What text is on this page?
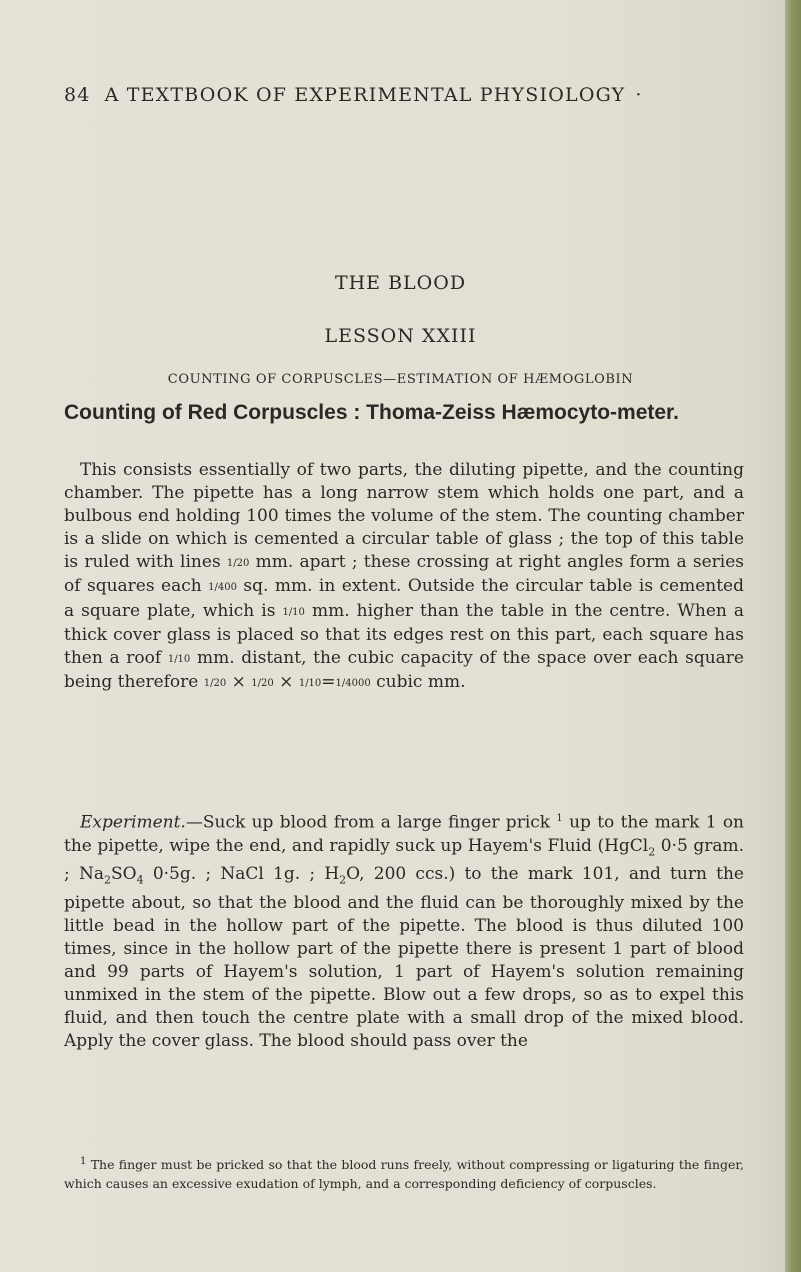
84 A TEXTBOOK OF EXPERIMENTAL PHYSIOLOGY ·
THE BLOOD
LESSON XXIII
COUNTING OF CORPUSCLES—ESTIMATION OF HÆMOGLOBIN
Counting of Red Corpuscles : Thoma-Zeiss Hæmocyto-meter.
This consists essentially of two parts, the diluting pipette, and the counting chamber. The pipette has a long narrow stem which holds one part, and a bulbous end holding 100 times the volume of the stem. The counting chamber is a slide on which is cemented a circular table of glass ; the top of this table is ruled with lines 1/20 mm. apart ; these crossing at right angles form a series of squares each 1/400 sq. mm. in extent. Outside the circular table is cemented a square plate, which is 1/10 mm. higher than the table in the centre. When a thick cover glass is placed so that its edges rest on this part, each square has then a roof 1/10 mm. distant, the cubic capacity of the space over each square being therefore 1/20 × 1/20 × 1/10=1/4000 cubic mm.
Experiment.—Suck up blood from a large finger prick $^1$ up to the mark 1 on the pipette, wipe the end, and rapidly suck up Hayem's Fluid (HgCl$_2$ 0·5 gram. ; $Na_2SO_4$ 0·5g. ; NaCl 1g. ; $H_2O$, 200 ccs.) to the mark 101, and turn the pipette about, so that the blood and the fluid can be thoroughly mixed by the little bead in the hollow part of the pipette. The blood is thus diluted 100 times, since in the hollow part of the pipette there is present 1 part of blood and 99 parts of Hayem's solution, 1 part of Hayem's solution remaining unmixed in the stem of the pipette. Blow out a few drops, so as to expel this fluid, and then touch the centre plate with a small drop of the mixed blood. Apply the cover glass. The blood should pass over the
$^1$ The finger must be pricked so that the blood runs freely, without compressing or ligaturing the finger, which causes an excessive exudation of lymph, and a corresponding deficiency of corpuscles.
